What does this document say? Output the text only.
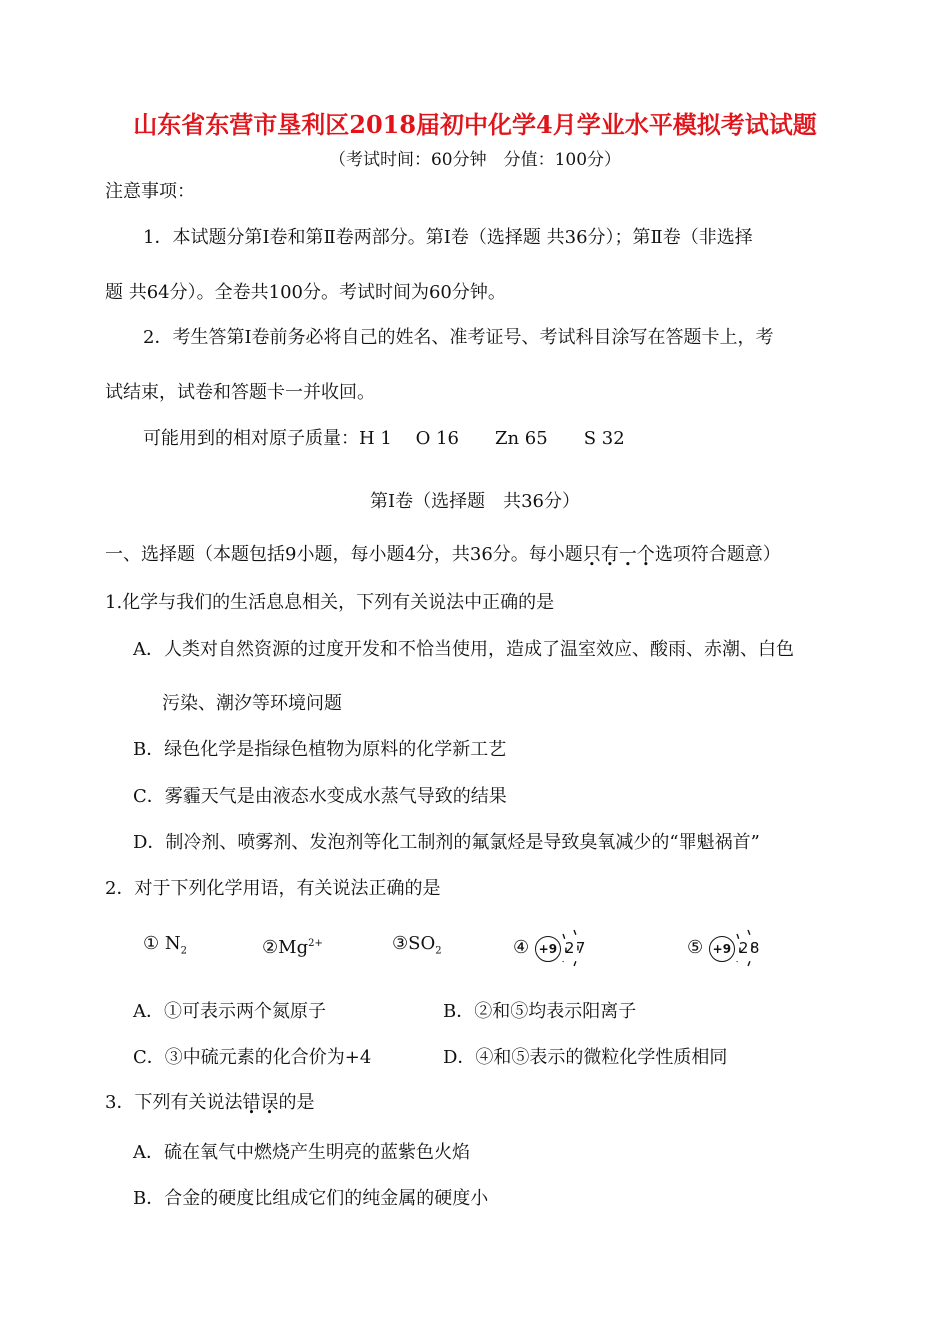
山东省东营市垦利区2018届初中化学4月学业水平模拟考试试题
（考试时间：60分钟　分值：100分）
注意事项：
1．本试题分第Ⅰ卷和第Ⅱ卷两部分。第Ⅰ卷（选择题 共36分）；第Ⅱ卷（非选择
题 共64分）。全卷共100分。考试时间为60分钟。
2．考生答第Ⅰ卷前务必将自己的姓名、准考证号、考试科目涂写在答题卡上，考
试结束，试卷和答题卡一并收回。
可能用到的相对原子质量：H 1　 O 16　　Zn 65　　S 32
第Ⅰ卷（选择题　共36分）
一、选择题（本题包括9小题，每小题4分，共36分。每小题只有一个选项符合题意）
1.化学与我们的生活息息相关，下列有关说法中正确的是
A．人类对自然资源的过度开发和不恰当使用，造成了温室效应、酸雨、赤潮、白色
污染、潮汐等环境问题
B．绿色化学是指绿色植物为原料的化学新工艺
C．雾霾天气是由液态水变成水蒸气导致的结果
D．制冷剂、喷雾剂、发泡剂等化工制剂的氟氯烃是导致臭氧减少的“罪魁祸首”
2．对于下列化学用语，有关说法正确的是
① $N_2$	$②Mg^{2+}$	$③SO_2$	④ +9 2 7	⑤ +9 2 8
A．①可表示两个氮原子	B．②和⑤均表示阳离子
C．③中硫元素的化合价为+4	D．④和⑤表示的微粒化学性质相同
3．下列有关说法错误的是
A．硫在氧气中燃烧产生明亮的蓝紫色火焰
B．合金的硬度比组成它们的纯金属的硬度小
